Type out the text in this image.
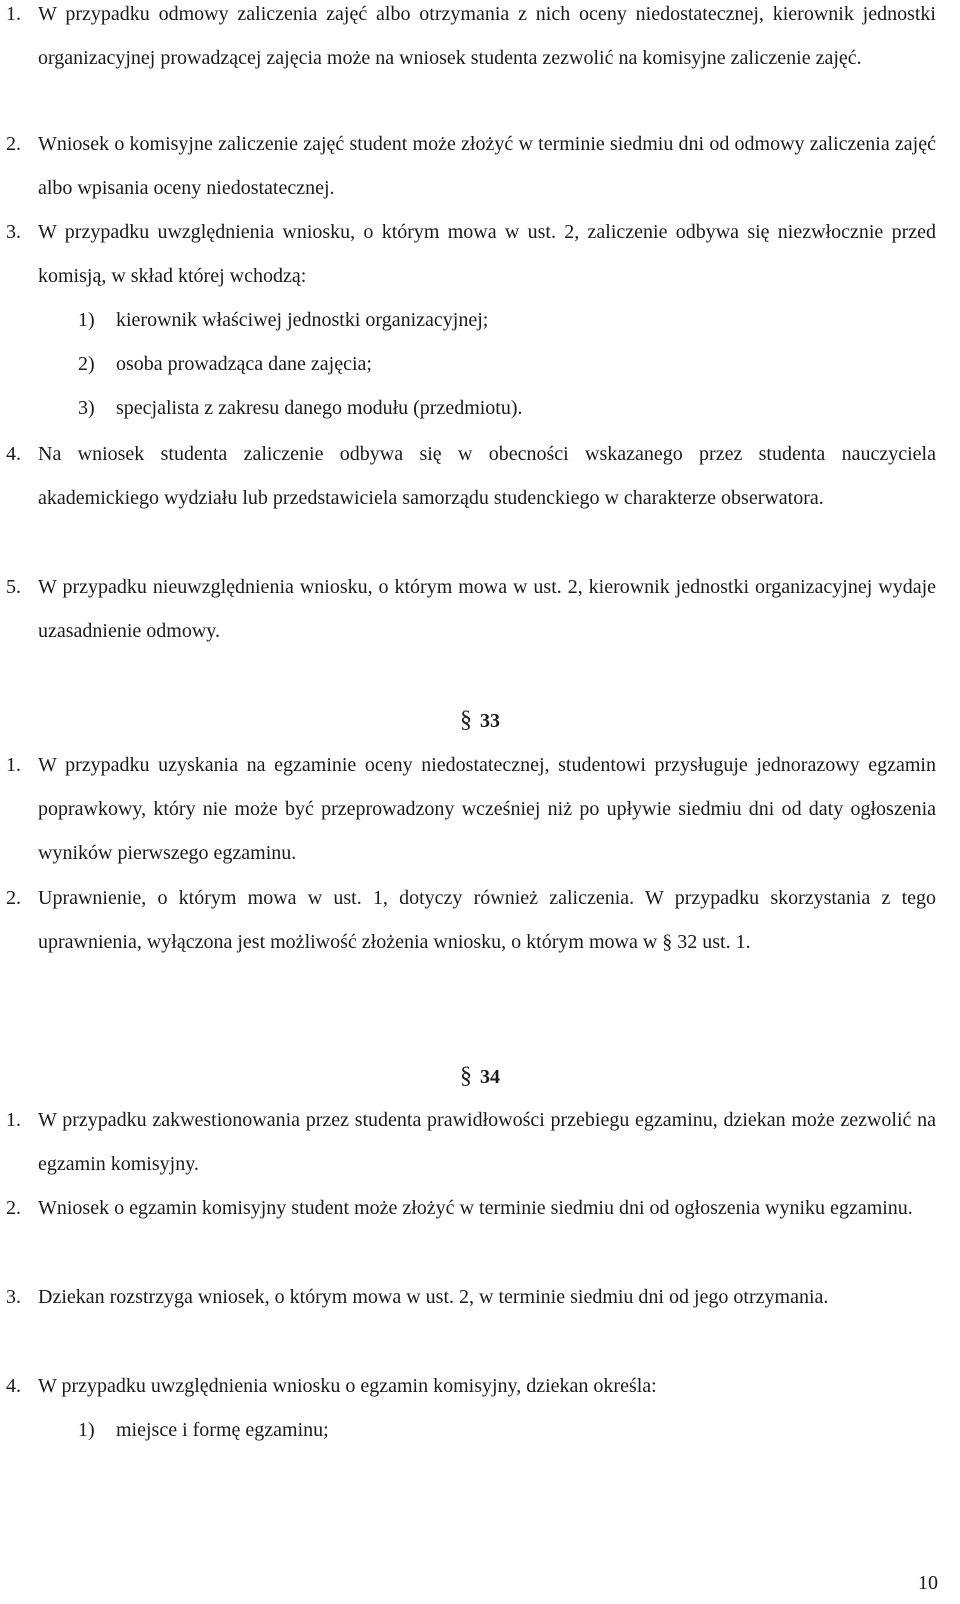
1. W przypadku odmowy zaliczenia zajęć albo otrzymania z nich oceny niedostatecznej, kierownik jednostki organizacyjnej prowadzącej zajęcia może na wniosek studenta zezwolić na komisyjne zaliczenie zajęć.
2. Wniosek o komisyjne zaliczenie zajęć student może złożyć w terminie siedmiu dni od odmowy zaliczenia zajęć albo wpisania oceny niedostatecznej.
3. W przypadku uwzględnienia wniosku, o którym mowa w ust. 2, zaliczenie odbywa się niezwłocznie przed komisją, w skład której wchodzą:
1) kierownik właściwej jednostki organizacyjnej;
2) osoba prowadząca dane zajęcia;
3) specjalista z zakresu danego modułu (przedmiotu).
4. Na wniosek studenta zaliczenie odbywa się w obecności wskazanego przez studenta nauczyciela akademickiego wydziału lub przedstawiciela samorządu studenckiego w charakterze obserwatora.
5. W przypadku nieuwzględnienia wniosku, o którym mowa w ust. 2, kierownik jednostki organizacyjnej wydaje uzasadnienie odmowy.
§ 33
1. W przypadku uzyskania na egzaminie oceny niedostatecznej, studentowi przysługuje jednorazowy egzamin poprawkowy, który nie może być przeprowadzony wcześniej niż po upływie siedmiu dni od daty ogłoszenia wyników pierwszego egzaminu.
2. Uprawnienie, o którym mowa w ust. 1, dotyczy również zaliczenia. W przypadku skorzystania z tego uprawnienia, wyłączona jest możliwość złożenia wniosku, o którym mowa w § 32 ust. 1.
§ 34
1. W przypadku zakwestionowania przez studenta prawidłowości przebiegu egzaminu, dziekan może zezwolić na egzamin komisyjny.
2. Wniosek o egzamin komisyjny student może złożyć w terminie siedmiu dni od ogłoszenia wyniku egzaminu.
3. Dziekan rozstrzyga wniosek, o którym mowa w ust. 2, w terminie siedmiu dni od jego otrzymania.
4. W przypadku uwzględnienia wniosku o egzamin komisyjny, dziekan określa:
1) miejsce i formę egzaminu;
10
